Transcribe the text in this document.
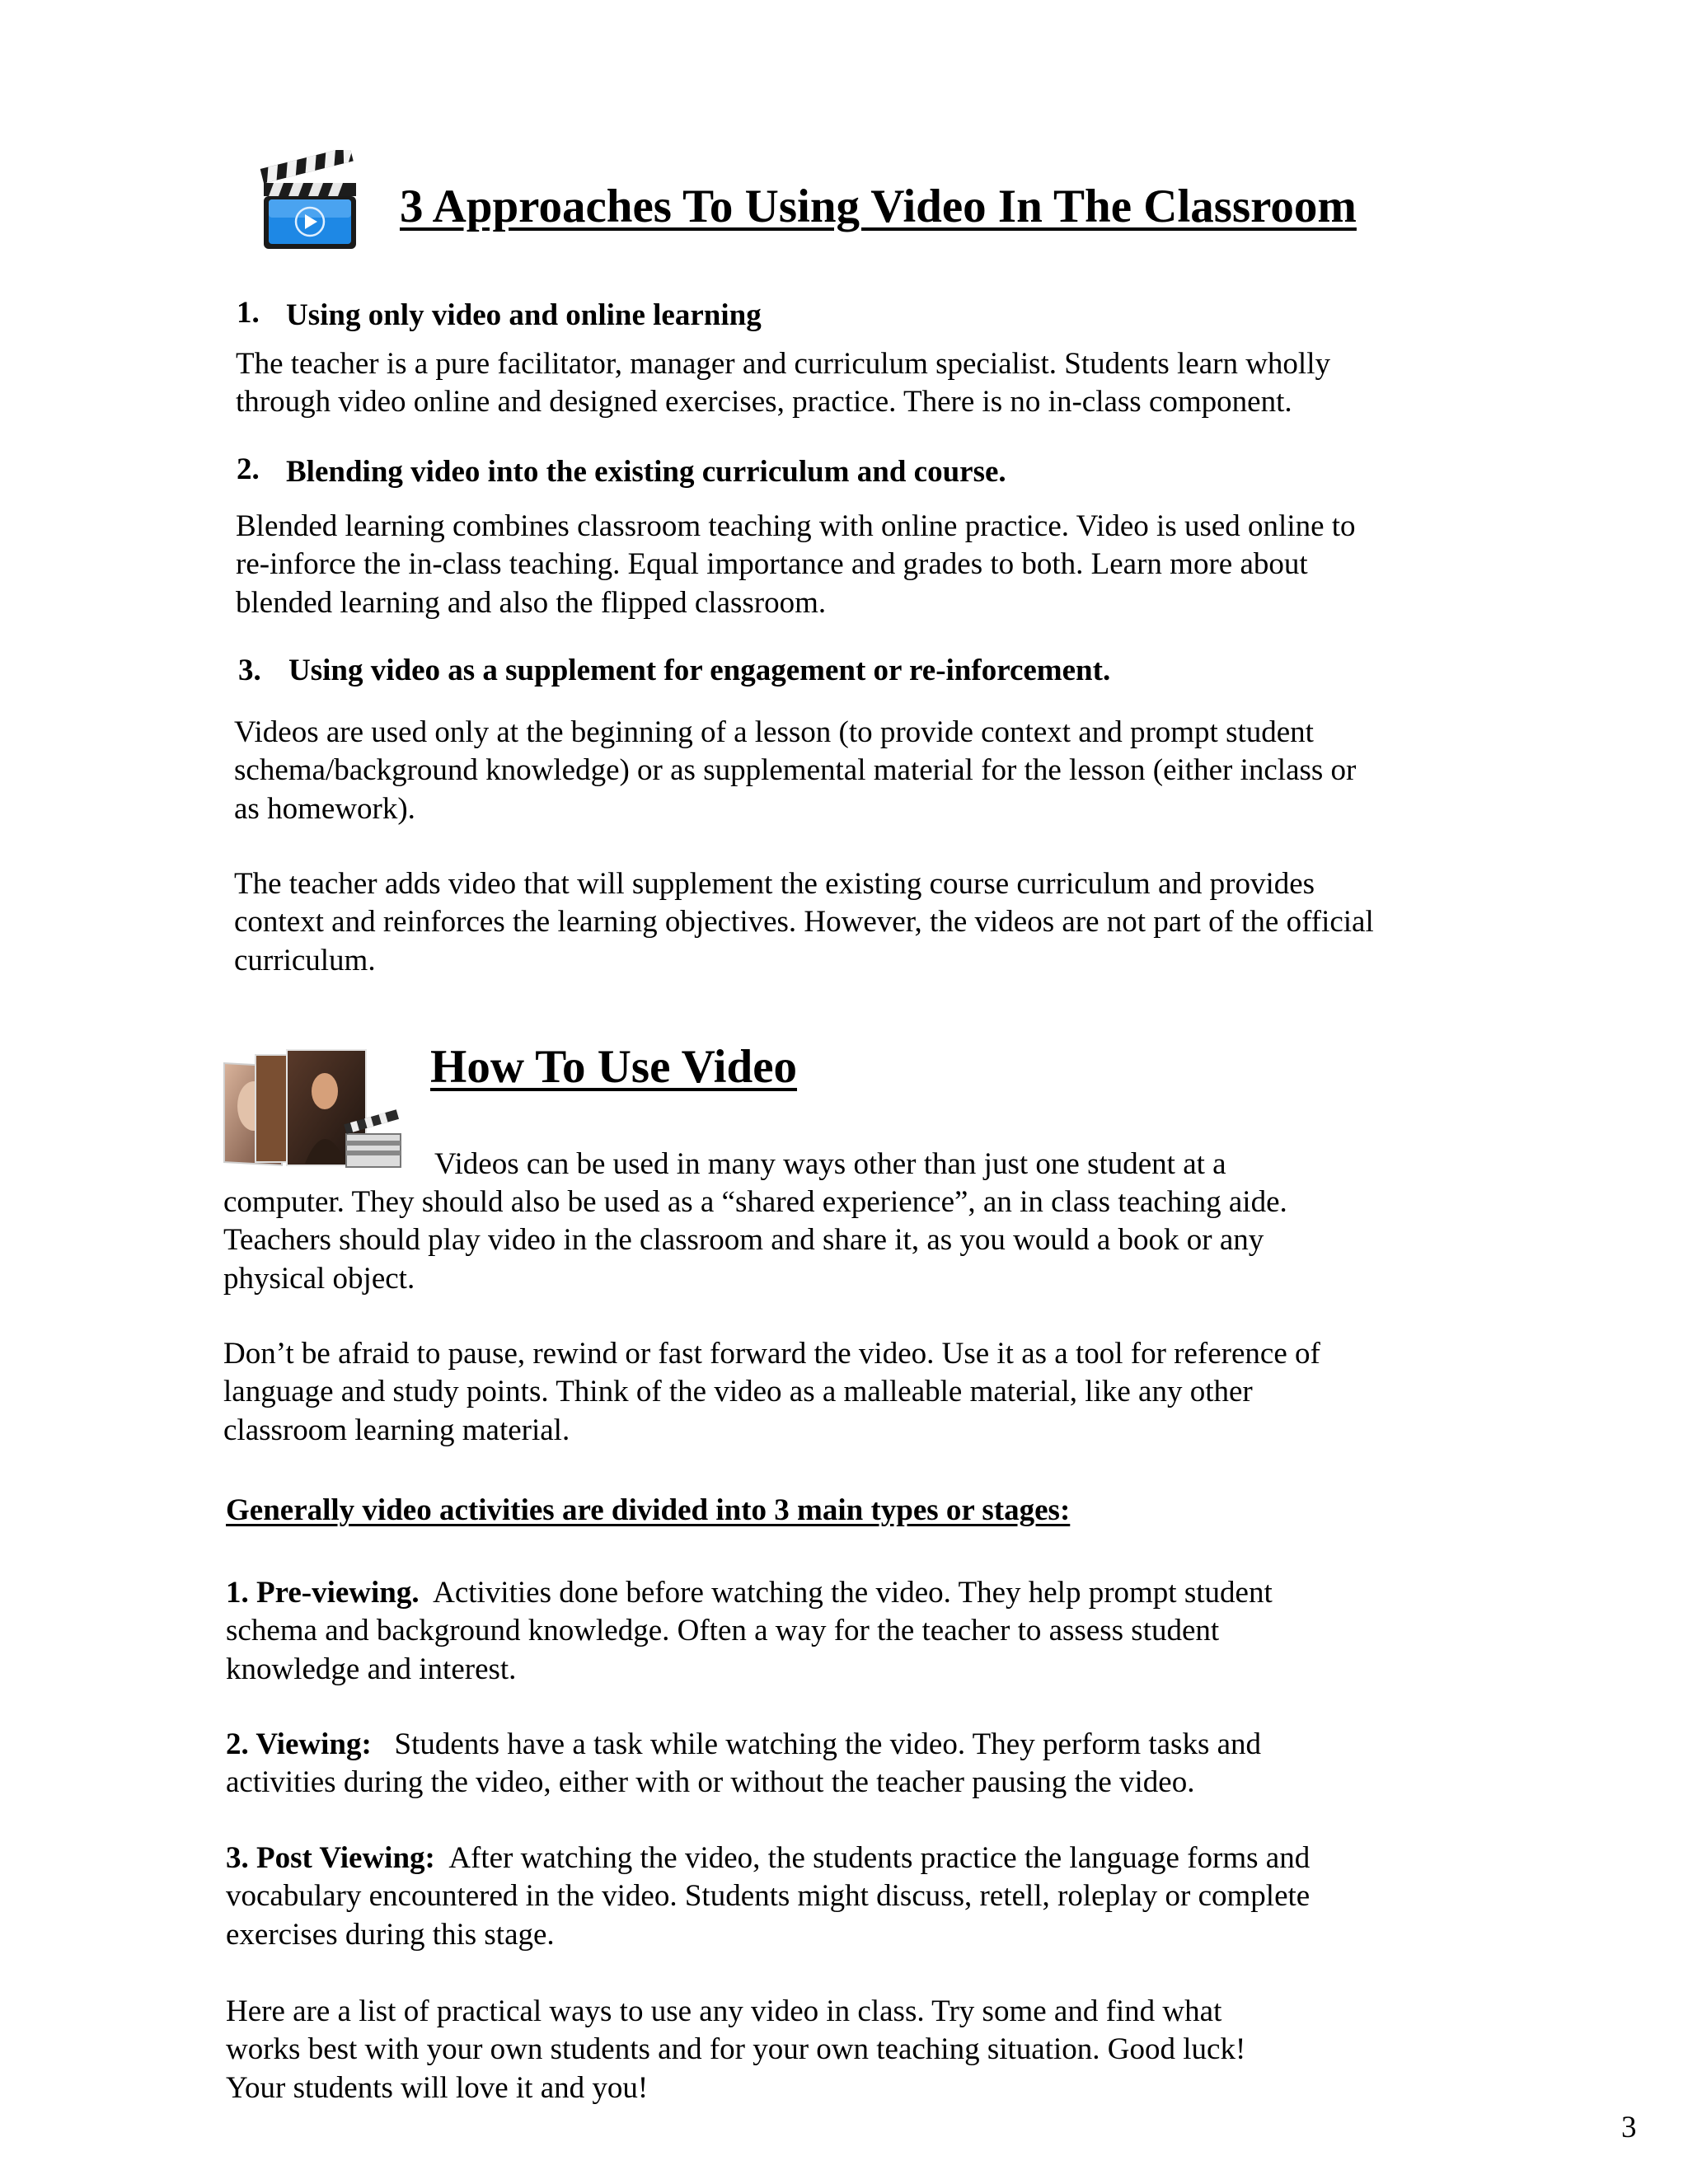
3 Approaches To Using Video In The Classroom
1. Using only video and online learning
The teacher is a pure facilitator, manager and curriculum specialist. Students learn wholly
through video online and designed exercises, practice. There is no in-class component.
2. Blending video into the existing curriculum and course.
Blended learning combines classroom teaching with online practice. Video is used online to
re-inforce the in-class teaching. Equal importance and grades to both. Learn more about
blended learning and also the flipped classroom.
3. Using video as a supplement for engagement or re-inforcement.
Videos are used only at the beginning of a lesson (to provide context and prompt student
schema/background knowledge) or as supplemental material for the lesson (either inclass or
as homework).
The teacher adds video that will supplement the existing course curriculum and provides
context and reinforces the learning objectives. However, the videos are not part of the official
curriculum.
How To Use Video
Videos can be used in many ways other than just one student at a
computer. They should also be used as a “shared experience”, an in class teaching aide.
Teachers should play video in the classroom and share it, as you would a book or any
physical object.
Don’t be afraid to pause, rewind or fast forward the video. Use it as a tool for reference of
language and study points. Think of the video as a malleable material, like any other
classroom learning material.
Generally video activities are divided into 3 main types or stages:
1. Pre-viewing.  Activities done before watching the video. They help prompt student
schema and background knowledge. Often a way for the teacher to assess student
knowledge and interest.
2. Viewing:   Students have a task while watching the video. They perform tasks and
activities during the video, either with or without the teacher pausing the video.
3. Post Viewing:  After watching the video, the students practice the language forms and
vocabulary encountered in the video. Students might discuss, retell, roleplay or complete
exercises during this stage.
Here are a list of practical ways to use any video in class. Try some and find what
works best with your own students and for your own teaching situation. Good luck!
Your students will love it and you!
3
